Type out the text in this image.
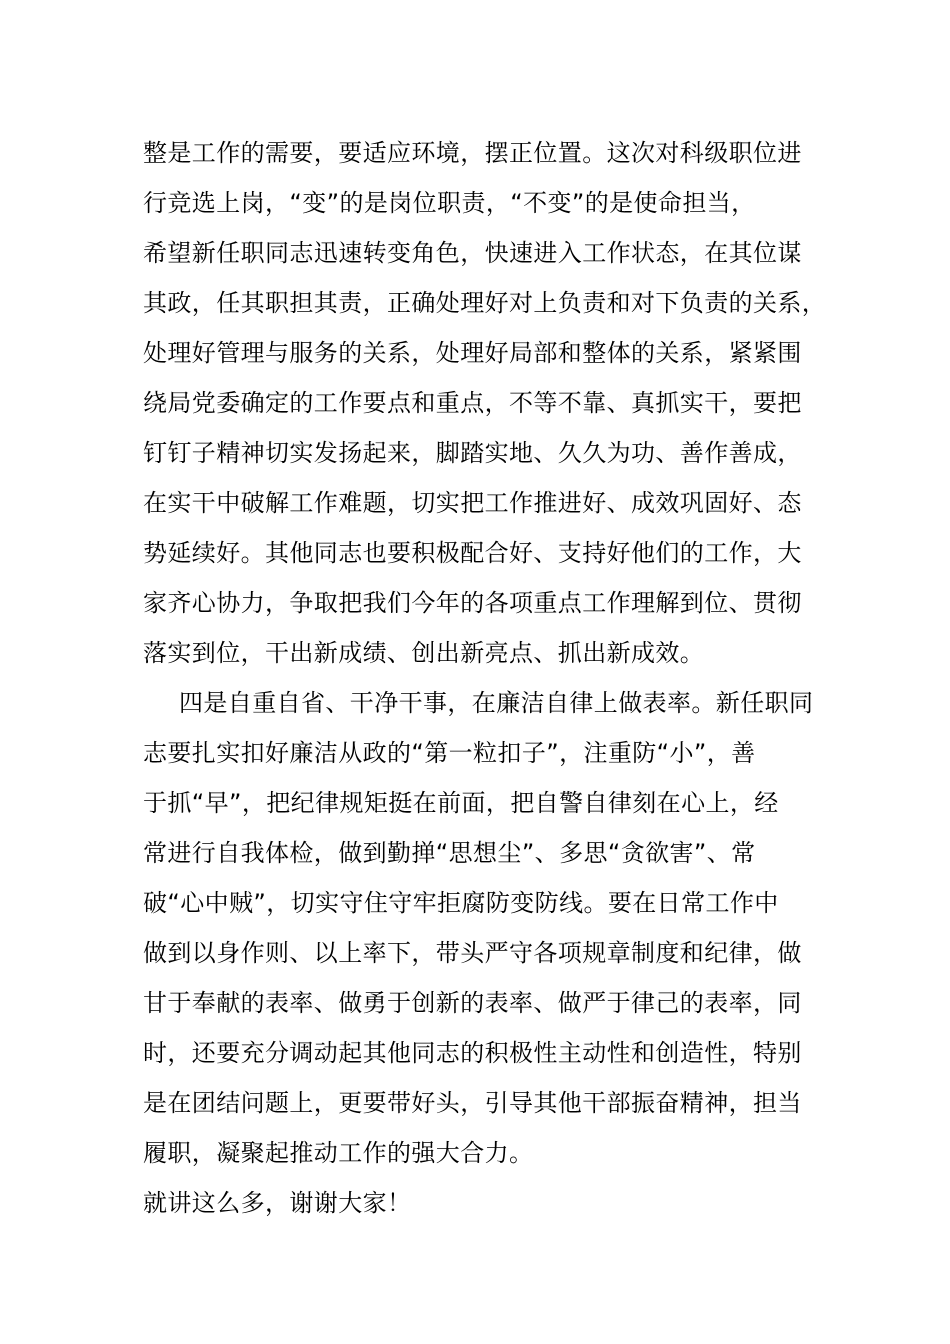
整是工作的需要，要适应环境，摆正位置。这次对科级职位进
行竞选上岗，“变”的是岗位职责，“不变”的是使命担当，
希望新任职同志迅速转变角色，快速进入工作状态，在其位谋
其政，任其职担其责，正确处理好对上负责和对下负责的关系，
处理好管理与服务的关系，处理好局部和整体的关系，紧紧围
绕局党委确定的工作要点和重点，不等不靠、真抓实干，要把
钉钉子精神切实发扬起来，脚踏实地、久久为功、善作善成，
在实干中破解工作难题，切实把工作推进好、成效巩固好、态
势延续好。其他同志也要积极配合好、支持好他们的工作，大
家齐心协力，争取把我们今年的各项重点工作理解到位、贯彻
落实到位，干出新成绩、创出新亮点、抓出新成效。
四是自重自省、干净干事，在廉洁自律上做表率。新任职同
志要扎实扣好廉洁从政的“第一粒扣子”，注重防“小”，善
于抓“早”，把纪律规矩挺在前面，把自警自律刻在心上，经
常进行自我体检，做到勤掸“思想尘”、多思“贪欲害”、常
破“心中贼”，切实守住守牢拒腐防变防线。要在日常工作中
做到以身作则、以上率下，带头严守各项规章制度和纪律，做
甘于奉献的表率、做勇于创新的表率、做严于律己的表率，同
时，还要充分调动起其他同志的积极性主动性和创造性，特别
是在团结问题上，更要带好头，引导其他干部振奋精神，担当
履职，凝聚起推动工作的强大合力。
就讲这么多，谢谢大家！
